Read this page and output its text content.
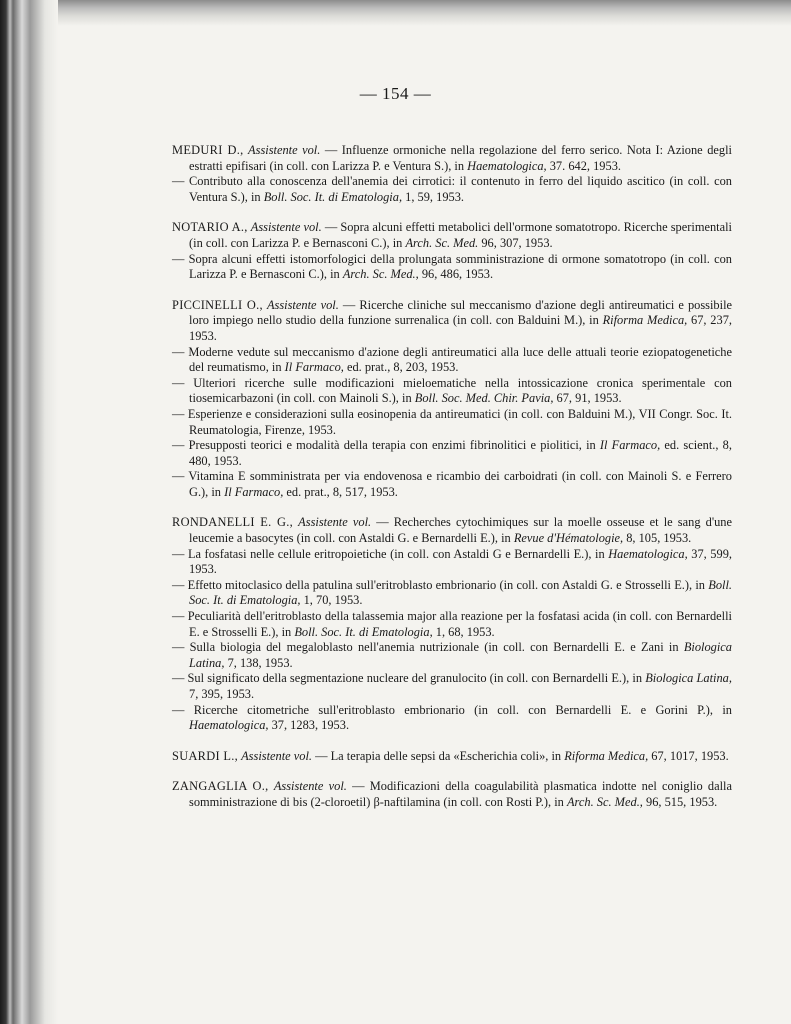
— 154 —
MEDURI D., Assistente vol. — Influenze ormoniche nella regolazione del ferro serico. Nota I: Azione degli estratti epifisari (in coll. con Larizza P. e Ventura S.), in Haematologica, 37. 642, 1953.
— Contributo alla conoscenza dell'anemia dei cirrotici: il contenuto in ferro del liquido ascitico (in coll. con Ventura S.), in Boll. Soc. It. di Ematologia, 1, 59, 1953.
NOTARIO A., Assistente vol. — Sopra alcuni effetti metabolici dell'ormone somatotropo. Ricerche sperimentali (in coll. con Larizza P. e Bernasconi C.), in Arch. Sc. Med. 96, 307, 1953.
— Sopra alcuni effetti istomorfologici della prolungata somministrazione di ormone somatotropo (in coll. con Larizza P. e Bernasconi C.), in Arch. Sc. Med., 96, 486, 1953.
PICCINELLI O., Assistente vol. — Ricerche cliniche sul meccanismo d'azione degli antireumatici e possibile loro impiego nello studio della funzione surrenalica (in coll. con Balduini M.), in Riforma Medica, 67, 237, 1953.
— Moderne vedute sul meccanismo d'azione degli antireumatici alla luce delle attuali teorie eziopatogenetiche del reumatismo, in Il Farmaco, ed. prat., 8, 203, 1953.
— Ulteriori ricerche sulle modificazioni mieloematiche nella intossicazione cronica sperimentale con tiosemicarbazoni (in coll. con Mainoli S.), in Boll. Soc. Med. Chir. Pavia, 67, 91, 1953.
— Esperienze e considerazioni sulla eosinopenia da antireumatici (in coll. con Balduini M.), VII Congr. Soc. It. Reumatologia, Firenze, 1953.
— Presupposti teorici e modalità della terapia con enzimi fibrinolitici e piolitici, in Il Farmaco, ed. scient., 8, 480, 1953.
— Vitamina E somministrata per via endovenosa e ricambio dei carboidrati (in coll. con Mainoli S. e Ferrero G.), in Il Farmaco, ed. prat., 8, 517, 1953.
RONDANELLI E. G., Assistente vol. — Recherches cytochimiques sur la moelle osseuse et le sang d'une leucemie a basocytes (in coll. con Astaldi G. e Bernardelli E.), in Revue d'Hématologie, 8, 105, 1953.
— La fosfatasi nelle cellule eritropoietiche (in coll. con Astaldi G e Bernardelli E.), in Haematologica, 37, 599, 1953.
— Effetto mitoclasico della patulina sull'eritroblasto embrionario (in coll. con Astaldi G. e Strosselli E.), in Boll. Soc. It. di Ematologia, 1, 70, 1953.
— Peculiarità dell'eritroblasto della talassemia major alla reazione per la fosfatasi acida (in coll. con Bernardelli E. e Strosselli E.), in Boll. Soc. It. di Ematologia, 1, 68, 1953.
— Sulla biologia del megaloblasto nell'anemia nutrizionale (in coll. con Bernardelli E. e Zani in Biologica Latina, 7, 138, 1953.
— Sul significato della segmentazione nucleare del granulocito (in coll. con Bernardelli E.), in Biologica Latina, 7, 395, 1953.
— Ricerche citometriche sull'eritroblasto embrionario (in coll. con Bernardelli E. e Gorini P.), in Haematologica, 37, 1283, 1953.
SUARDI L., Assistente vol. — La terapia delle sepsi da «Escherichia coli», in Riforma Medica, 67, 1017, 1953.
ZANGAGLIA O., Assistente vol. — Modificazioni della coagulabilità plasmatica indotte nel coniglio dalla somministrazione di bis (2-cloroetil) β-naftilamina (in coll. con Rosti P.), in Arch. Sc. Med., 96, 515, 1953.
